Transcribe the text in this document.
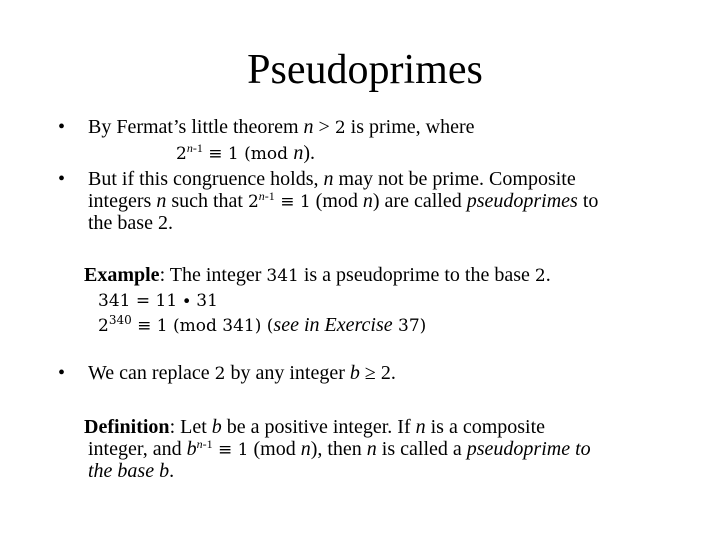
Pseudoprimes
• By Fermat’s little theorem n > 2 is prime, where
$2^{n-1} \equiv 1$ (mod n).
• But if this congruence holds, n may not be prime. Composite
integers n such that $2^{n-1} \equiv 1$ (mod n) are called pseudoprimes to
the base 2.
Example: The integer 341 is a pseudoprime to the base 2.
341 = 11 ∙ 31
$2^{340} \equiv 1$ (mod 341) (see in Exercise 37)
• We can replace 2 by any integer b ≥ 2.
Definition: Let b be a positive integer. If n is a composite
integer, and $b^{n-1} \equiv 1$ (mod n), then n is called a pseudoprime to
the base b.
